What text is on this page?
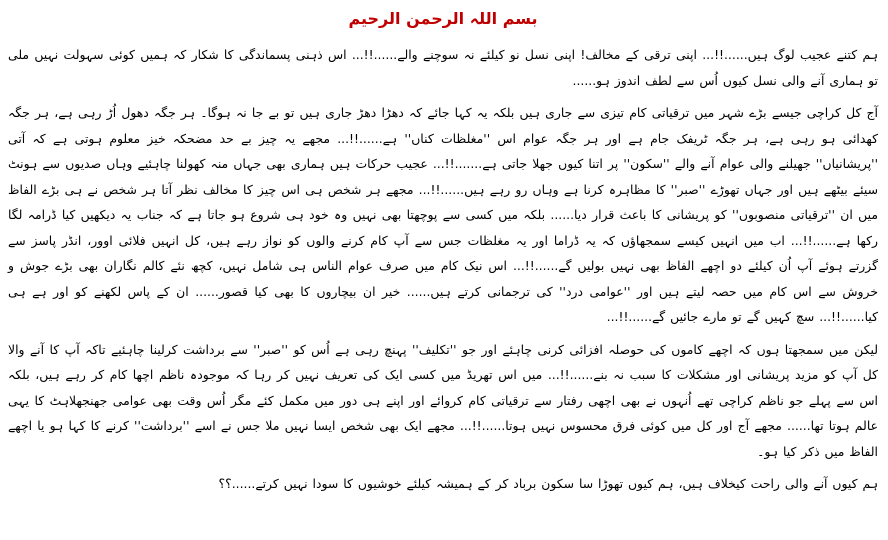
بسم اللہ الرحمن الرحیم

ہم کتنے عجیب لوگ ہیں......!!... اپنی ترقی کے مخالف! اپنی نسل نو کیلئے نہ سوچنے والے......!!... اس ذہنی پسماندگی کا شکار کہ ہمیں کوئی سہولت نہیں ملی تو ہماری آنے والی نسل کیوں اُس سے لطف اندوز ہو......

آج کل کراچی جیسے بڑے شہر میں ترقیاتی کام تیزی سے جاری ہیں بلکہ یہ کہا جائے کہ دھڑا دھڑ جاری ہیں تو بے جا نہ ہوگا۔ ہر جگہ دھول اُڑ رہی ہے، ہر جگہ کھدائی ہو رہی ہے، ہر جگہ ٹریفک جام ہے اور ہر جگہ عوام اس ''مغلظات کناں'' ہے......!!... مجھے یہ چیز بے حد مضحکہ خیز معلوم ہوتی ہے کہ آتی ''پریشانیاں'' جھیلنے والی عوام آنے والے ''سکون'' پر اتنا کیوں جھلا جاتی ہے.......!!... عجیب حرکات ہیں ہماری بھی جہاں منہ کھولنا چاہئیے وہاں صدیوں سے ہونٹ سیئے بیٹھے ہیں اور جہاں تھوڑے ''صبر'' کا مظاہرہ کرنا ہے وہاں رو رہے ہیں......!!... مجھے ہر شخص ہی اس چیز کا مخالف نظر آتا ہر شخص نے ہی بڑے الفاظ میں ان ''ترقیاتی منصوبوں'' کو پریشانی کا باعث قرار دیا...... بلکہ میں کسی سے پوچھتا بھی نہیں وہ خود ہی شروع ہو جاتا ہے کہ جناب یہ دیکھیں کیا ڈرامہ لگا رکھا ہے......!!... اب میں انہیں کیسے سمجھاؤں کہ یہ ڈراما اور یہ مغلظات جس سے آپ کام کرنے والوں کو نواز رہے ہیں، کل انہیں فلائی اوور، انڈر پاسز سے گزرتے ہوئے آپ اُن کیلئے دو اچھے الفاظ بھی نہیں بولیں گے......!!... اس نیک کام میں صرف عوام الناس ہی شامل نہیں، کچھ نئے کالم نگاران بھی بڑے جوش و خروش سے اس کام میں حصہ لیتے ہیں اور ''عوامی درد'' کی ترجمانی کرتے ہیں...... خیر ان بیچاروں کا بھی کیا قصور...... ان کے پاس لکھنے کو اور ہے ہی کیا......!!... سچ کہیں گے تو مارے جائیں گے......!!...

لیکن میں سمجھتا ہوں کہ اچھے کاموں کی حوصلہ افزائی کرنی چاہئے اور جو ''تکلیف'' پہنچ رہی ہے اُس کو ''صبر'' سے برداشت کرلینا چاہئیے تاکہ آپ کا آنے والا کل آپ کو مزید پریشانی اور مشکلات کا سبب نہ بنے......!!... میں اس تھریڈ میں کسی ایک کی تعریف نہیں کر رہا کہ موجودہ ناظم اچھا کام کر رہے ہیں، بلکہ اس سے پہلے جو ناظم کراچی تھے اُنہوں نے بھی اچھی رفتار سے ترقیاتی کام کروائے اور اپنے ہی دور میں مکمل کئے مگر اُس وقت بھی عوامی جھنجھلاہٹ کا یہی عالم ہوتا تھا...... مجھے آج اور کل میں کوئی فرق محسوس نہیں ہوتا......!!... مجھے ایک بھی شخص ایسا نہیں ملا جس نے اسے ''برداشت'' کرنے کا کہا ہو یا اچھے الفاظ میں ذکر کیا ہو۔

ہم کیوں آنے والی راحت کیخلاف ہیں، ہم کیوں تھوڑا سا سکون برباد کر کے ہمیشہ کیلئے خوشیوں کا سودا نہیں کرتے......؟؟
